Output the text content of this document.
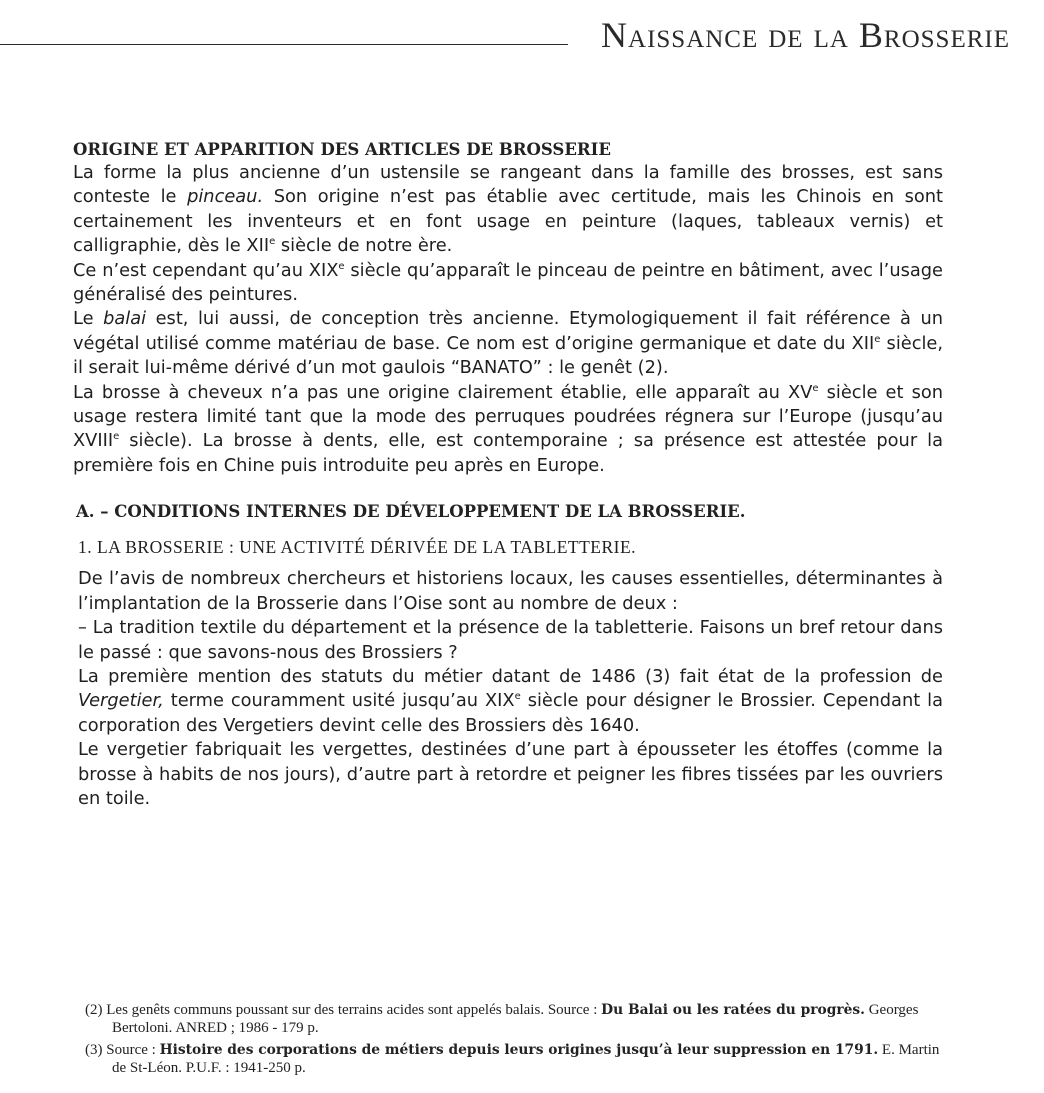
Naissance de la Brosserie
ORIGINE ET APPARITION DES ARTICLES DE BROSSERIE

La forme la plus ancienne d’un ustensile se rangeant dans la famille des brosses, est sans conteste le pinceau. Son origine n’est pas établie avec certitude, mais les Chinois en sont certainement les inventeurs et en font usage en peinture (laques, tableaux vernis) et calligraphie, dès le XIIe siècle de notre ère.

Ce n’est cependant qu’au XIXe siècle qu’apparaît le pinceau de peintre en bâtiment, avec l’usage généralisé des peintures.

Le balai est, lui aussi, de conception très ancienne. Etymologiquement il fait référence à un végétal utilisé comme matériau de base. Ce nom est d’origine germanique et date du XIIe siècle, il serait lui-même dérivé d’un mot gaulois “BANATO” : le genêt (2).

La brosse à cheveux n’a pas une origine clairement établie, elle apparaît au XVe siècle et son usage restera limité tant que la mode des perruques poudrées régnera sur l’Europe (jusqu’au XVIIIe siècle). La brosse à dents, elle, est contemporaine ; sa présence est attestée pour la première fois en Chine puis introduite peu après en Europe.

A. – CONDITIONS INTERNES DE DÉVELOPPEMENT DE LA BROSSERIE.
1. LA BROSSERIE : UNE ACTIVITÉ DÉRIVÉE DE LA TABLETTERIE.

De l’avis de nombreux chercheurs et historiens locaux, les causes essentielles, déterminantes à l’implantation de la Brosserie dans l’Oise sont au nombre de deux :

– La tradition textile du département et la présence de la tabletterie. Faisons un bref retour dans le passé : que savons-nous des Brossiers ?

La première mention des statuts du métier datant de 1486 (3) fait état de la profession de Vergetier, terme couramment usité jusqu’au XIXe siècle pour désigner le Brossier. Cependant la corporation des Vergetiers devint celle des Brossiers dès 1640.

Le vergetier fabriquait les vergettes, destinées d’une part à épousseter les étoffes (comme la brosse à habits de nos jours), d’autre part à retordre et peigner les fibres tissées par les ouvriers en toile.

(2) Les genêts communs poussant sur des terrains acides sont appelés balais. Source : Du Balai ou les ratées du progrès. Georges Bertoloni. ANRED ; 1986 - 179 p.

(3) Source : Histoire des corporations de métiers depuis leurs origines jusqu’à leur suppression en 1791. E. Martin de St-Léon. P.U.F. : 1941-250 p.
